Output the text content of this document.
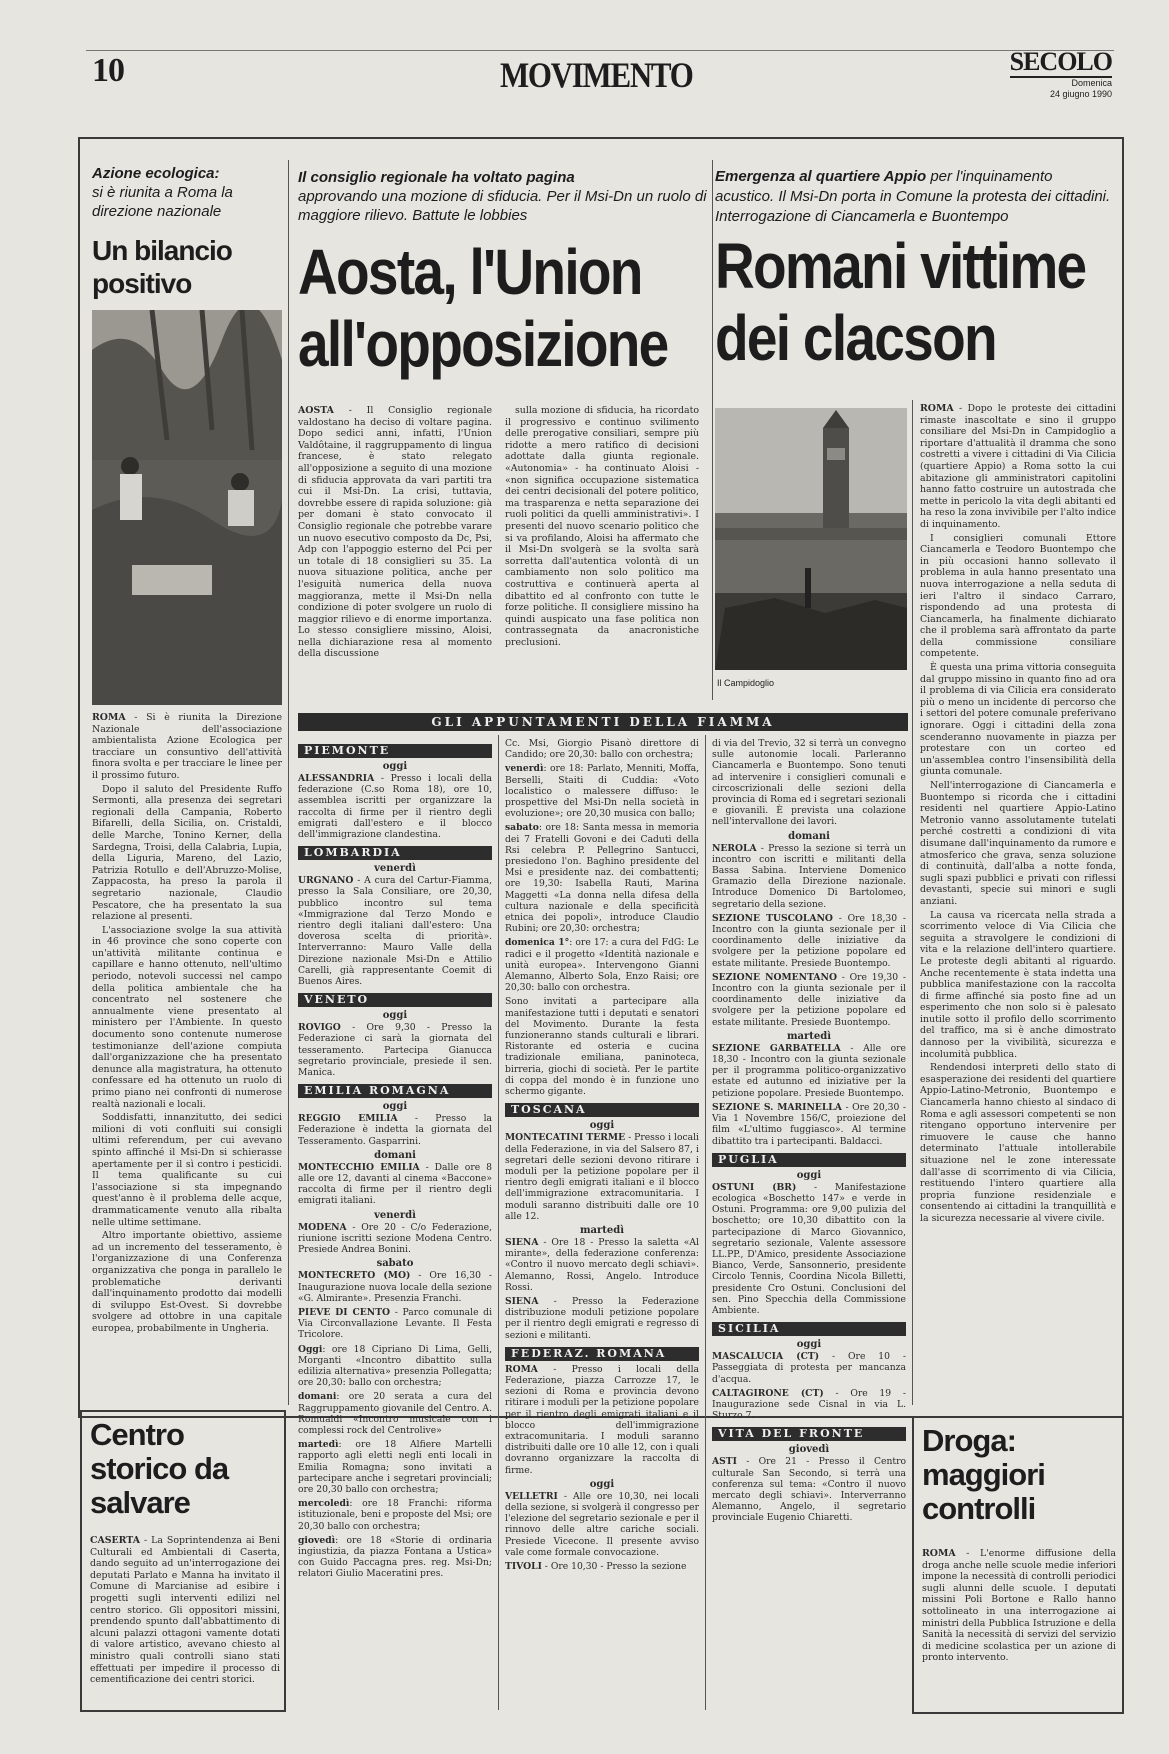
10	MOVIMENTO	SECOLO
Domenica
24 giugno 1990
Azione ecologica:
si è riunita a Roma la direzione nazionale
Un bilancio positivo

ROMA - Si è riunita la Direzione Nazionale dell'associazione ambientalista Azione Ecologica per tracciare un consuntivo dell'attività finora svolta e per tracciare le linee per il prossimo futuro.

Dopo il saluto del Presidente Ruffo Sermonti, alla presenza dei segretari regionali della Campania, Roberto Bifarelli, della Sicilia, on. Cristaldi, delle Marche, Tonino Kerner, della Sardegna, Troisi, della Calabria, Lupia, della Liguria, Mareno, del Lazio, Patrizia Rotullo e dell'Abruzzo-Molise, Zappacosta, ha preso la parola il segretario nazionale, Claudio Pescatore, che ha presentato la sua relazione al presenti.

L'associazione svolge la sua attività in 46 province che sono coperte con un'attività militante continua e capillare e hanno ottenuto, nell'ultimo periodo, notevoli successi nel campo della politica ambientale che ha concentrato nel sostenere che annualmente viene presentato al ministero per l'Ambiente. In questo documento sono contenute numerose testimonianze dell'azione compiuta dall'organizzazione che ha presentato denunce alla magistratura, ha ottenuto confessare ed ha ottenuto un ruolo di primo piano nei confronti di numerose realtà nazionali e locali.

Soddisfatti, innanzitutto, dei sedici milioni di voti confluiti sui consigli ultimi referendum, per cui avevano spinto affinché il Msi-Dn si schierasse apertamente per il sì contro i pesticidi. Il tema qualificante su cui l'associazione si sta impegnando quest'anno è il problema delle acque, drammaticamente venuto alla ribalta nelle ultime settimane.

Altro importante obiettivo, assieme ad un incremento del tesseramento, è l'organizzazione di una Conferenza organizzativa che ponga in parallelo le problematiche derivanti dall'inquinamento prodotto dai modelli di sviluppo Est-Ovest. Si dovrebbe svolgere ad ottobre in una capitale europea, probabilmente in Ungheria.

Il consiglio regionale ha voltato pagina
approvando una mozione di sfiducia. Per il Msi-Dn un ruolo di maggiore rilievo. Battute le lobbies
Aosta, l'Union
all'opposizione

AOSTA - Il Consiglio regionale valdostano ha deciso di voltare pagina. Dopo sedici anni, infatti, l'Union Valdôtaine, il raggruppamento di lingua francese, è stato relegato all'opposizione a seguito di una mozione di sfiducia approvata da vari partiti tra cui il Msi-Dn. La crisi, tuttavia, dovrebbe essere di rapida soluzione: già per domani è stato convocato il Consiglio regionale che potrebbe varare un nuovo esecutivo composto da Dc, Psi, Adp con l'appoggio esterno del Pci per un totale di 18 consiglieri su 35. La nuova situazione politica, anche per l'esiguità numerica della nuova maggioranza, mette il Msi-Dn nella condizione di poter svolgere un ruolo di maggior rilievo e di enorme importanza. Lo stesso consigliere missino, Aloisi, nella dichiarazione resa al momento della discussione

sulla mozione di sfiducia, ha ricordato il progressivo e continuo svilimento delle prerogative consiliari, sempre più ridotte a mero ratifico di decisioni adottate dalla giunta regionale. «Autonomia» - ha continuato Aloisi - «non significa occupazione sistematica dei centri decisionali del potere politico, ma trasparenza e netta separazione dei ruoli politici da quelli amministrativi». I presenti del nuovo scenario politico che si va profilando, Aloisi ha affermato che il Msi-Dn svolgerà se la svolta sarà sorretta dall'autentica volontà di un cambiamento non solo politico ma costruttiva e continuerà aperta al dibattito ed al confronto con tutte le forze politiche. Il consigliere missino ha quindi auspicato una fase politica non contrassegnata da anacronistiche preclusioni.

Emergenza al quartiere Appio per l'inquinamento acustico. Il Msi-Dn porta in Comune la protesta dei cittadini. Interrogazione di Ciancamerla e Buontempo
Romani vittime
dei clacson
Il Campidoglio

ROMA - Dopo le proteste dei cittadini rimaste inascoltate e sino il gruppo consiliare del Msi-Dn in Campidoglio a riportare d'attualità il dramma che sono costretti a vivere i cittadini di Via Cilicia (quartiere Appio) a Roma sotto la cui abitazione gli amministratori capitolini hanno fatto costruire un autostrada che mette in pericolo la vita degli abitanti ed ha reso la zona invivibile per l'alto indice di inquinamento.

I consiglieri comunali Ettore Ciancamerla e Teodoro Buontempo che in più occasioni hanno sollevato il problema in aula hanno presentato una nuova interrogazione a nella seduta di ieri l'altro il sindaco Carraro, rispondendo ad una protesta di Ciancamerla, ha finalmente dichiarato che il problema sarà affrontato da parte della commissione consiliare competente.

È questa una prima vittoria conseguita dal gruppo missino in quanto fino ad ora il problema di via Cilicia era considerato più o meno un incidente di percorso che i settori del potere comunale preferivano ignorare. Oggi i cittadini della zona scenderanno nuovamente in piazza per protestare con un corteo ed un'assemblea contro l'insensibilità della giunta comunale.

Nell'interrogazione di Ciancamerla e Buontempo si ricorda che i cittadini residenti nel quartiere Appio-Latino Metronio vanno assolutamente tutelati perché costretti a condizioni di vita disumane dall'inquinamento da rumore e atmosferico che grava, senza soluzione di continuità, dall'alba a notte fonda, sugli spazi pubblici e privati con riflessi devastanti, specie sui minori e sugli anziani.

La causa va ricercata nella strada a scorrimento veloce di Via Cilicia che seguita a stravolgere le condizioni di vita e la relazione dell'intero quartiere. Le proteste degli abitanti al riguardo. Anche recentemente è stata indetta una pubblica manifestazione con la raccolta di firme affinché sia posto fine ad un esperimento che non solo si è palesato inutile sotto il profilo dello scorrimento del traffico, ma si è anche dimostrato dannoso per la vivibilità, sicurezza e incolumità pubblica.

Rendendosi interpreti dello stato di esasperazione dei residenti del quartiere Appio-Latino-Metronio, Buontempo e Ciancamerla hanno chiesto al sindaco di Roma e agli assessori competenti se non ritengano opportuno intervenire per rimuovere le cause che hanno determinato l'attuale intollerabile situazione nel le zone interessate dall'asse di scorrimento di via Cilicia, restituendo l'intero quartiere alla propria funzione residenziale e consentendo ai cittadini la tranquillità e la sicurezza necessarie al vivere civile.

GLI APPUNTAMENTI DELLA FIAMMA
PIEMONTE
oggi

ALESSANDRIA - Presso i locali della federazione (C.so Roma 18), ore 10, assemblea iscritti per organizzare la raccolta di firme per il rientro degli emigrati dall'estero e il blocco dell'immigrazione clandestina.

LOMBARDIA
venerdì

URGNANO - A cura del Cartur-Fiamma, presso la Sala Consiliare, ore 20,30, pubblico incontro sul tema «Immigrazione dal Terzo Mondo e rientro degli italiani dall'estero: Una doverosa scelta di priorità». Interverranno: Mauro Valle della Direzione nazionale Msi-Dn e Attilio Carelli, già rappresentante Coemit di Buenos Aires.

VENETO
oggi

ROVIGO - Ore 9,30 - Presso la Federazione ci sarà la giornata del tesseramento. Partecipa Gianucca segretario provinciale, presiede il sen. Manica.

EMILIA ROMAGNA
oggi

REGGIO EMILIA - Presso la Federazione è indetta la giornata del Tesseramento. Gasparrini.

domani

MONTECCHIO EMILIA - Dalle ore 8 alle ore 12, davanti al cinema «Baccone» raccolta di firme per il rientro degli emigrati italiani.

venerdì

MODENA - Ore 20 - C/o Federazione, riunione iscritti sezione Modena Centro. Presiede Andrea Bonini.

sabato

MONTECRETO (MO) - Ore 16,30 - Inaugurazione nuova locale della sezione «G. Almirante». Presenzia Franchi.

PIEVE DI CENTO - Parco comunale di Via Circonvallazione Levante. Il Festa Tricolore.

Oggi: ore 18 Cipriano Di Lima, Gelli, Morganti «Incontro dibattito sulla edilizia alternativa» presenzia Pollegatta; ore 20,30: ballo con orchestra;

domani: ore 20 serata a cura del Raggruppamento giovanile del Centro. A. Romualdi «Incontro musicale con i complessi rock del Centrolive»

martedì: ore 18 Alfiere Martelli rapporto agli eletti negli enti locali in Emilia Romagna; sono invitati a partecipare anche i segretari provinciali; ore 20,30 ballo con orchestra;

mercoledì: ore 18 Franchi: riforma istituzionale, beni e proposte del Msi; ore 20,30 ballo con orchestra;

giovedì: ore 18 «Storie di ordinaria ingiustizia, da piazza Fontana a Ustica» con Guido Paccagna pres. reg. Msi-Dn; relatori Giulio Maceratini pres.

Cc. Msi, Giorgio Pisanò direttore di Candido; ore 20,30: ballo con orchestra;

venerdì: ore 18: Parlato, Menniti, Moffa, Berselli, Staiti di Cuddia: «Voto localistico o malessere diffuso: le prospettive del Msi-Dn nella società in evoluzione»; ore 20,30 musica con ballo;

sabato: ore 18: Santa messa in memoria dei 7 Fratelli Govoni e dei Caduti della Rsi celebra P. Pellegrino Santucci, presiedono l'on. Baghino presidente del Msi e presidente naz. dei combattenti; ore 19,30: Isabella Rauti, Marina Maggetti «La donna nella difesa della cultura nazionale e della specificità etnica dei popoli», introduce Claudio Rubini; ore 20,30: orchestra;

domenica 1°: ore 17: a cura del FdG: Le radici e il progetto «Identità nazionale e unità europea». Intervengono Gianni Alemanno, Alberto Sola, Enzo Raisi; ore 20,30: ballo con orchestra.

Sono invitati a partecipare alla manifestazione tutti i deputati e senatori del Movimento. Durante la festa funzioneranno stands culturali e librari. Ristorante ed osteria e cucina tradizionale emiliana, paninoteca, birreria, giochi di società. Per le partite di coppa del mondo è in funzione uno schermo gigante.

TOSCANA
oggi

MONTECATINI TERME - Presso i locali della Federazione, in via del Salsero 87, i segretari delle sezioni devono ritirare i moduli per la petizione popolare per il rientro degli emigrati italiani e il blocco dell'immigrazione extracomunitaria. I moduli saranno distribuiti dalle ore 10 alle 12.

martedì

SIENA - Ore 18 - Presso la saletta «Al mirante», della federazione conferenza: «Contro il nuovo mercato degli schiavi». Alemanno, Rossi, Angelo. Introduce Rossi.

SIENA - Presso la Federazione distribuzione moduli petizione popolare per il rientro degli emigrati e regresso di sezioni e militanti.

FEDERAZ. ROMANA

ROMA - Presso i locali della Federazione, piazza Carrozze 17, le sezioni di Roma e provincia devono ritirare i moduli per la petizione popolare per il rientro degli emigrati italiani e il blocco dell'immigrazione extracomunitaria. I moduli saranno distribuiti dalle ore 10 alle 12, con i quali dovranno organizzare la raccolta di firme.

oggi

VELLETRI - Alle ore 10,30, nei locali della sezione, si svolgerà il congresso per l'elezione del segretario sezionale e per il rinnovo delle altre cariche sociali. Presiede Vicecone. Il presente avviso vale come formale convocazione.

TIVOLI - Ore 10,30 - Presso la sezione

di via del Trevio, 32 si terrà un convegno sulle autonomie locali. Parleranno Ciancamerla e Buontempo. Sono tenuti ad intervenire i consiglieri comunali e circoscrizionali delle sezioni della provincia di Roma ed i segretari sezionali e giovanili. È prevista una colazione nell'intervallone dei lavori.

domani

NEROLA - Presso la sezione si terrà un incontro con iscritti e militanti della Bassa Sabina. Interviene Domenico Gramazio della Direzione nazionale. Introduce Domenico Di Bartolomeo, segretario della sezione.

SEZIONE TUSCOLANO - Ore 18,30 - Incontro con la giunta sezionale per il coordinamento delle iniziative da svolgere per la petizione popolare ed estate militante. Presiede Buontempo.

SEZIONE NOMENTANO - Ore 19,30 - Incontro con la giunta sezionale per il coordinamento delle iniziative da svolgere per la petizione popolare ed estate militante. Presiede Buontempo.

martedì

SEZIONE GARBATELLA - Alle ore 18,30 - Incontro con la giunta sezionale per il programma politico-organizzativo estate ed autunno ed iniziative per la petizione popolare. Presiede Buontempo.

SEZIONE S. MARINELLA - Ore 20,30 - Via 1 Novembre 156/C, proiezione del film «L'ultimo fuggiasco». Al termine dibattito tra i partecipanti. Baldacci.

PUGLIA
oggi

OSTUNI (BR) - Manifestazione ecologica «Boschetto 147» e verde in Ostuni. Programma: ore 9,00 pulizia del boschetto; ore 10,30 dibattito con la partecipazione di Marco Giovannico, segretario sezionale, Valente assessore LL.PP., D'Amico, presidente Associazione Bianco, Verde, Sansonnerio, presidente Circolo Tennis, Coordina Nicola Billetti, presidente Cro Ostuni. Conclusioni del sen. Pino Specchia della Commissione Ambiente.

SICILIA
oggi

MASCALUCIA (CT) - Ore 10 - Passeggiata di protesta per mancanza d'acqua.

CALTAGIRONE (CT) - Ore 19 - Inaugurazione sede Cisnal in via L. Sturzo 7.

VITA DEL FRONTE
giovedì

ASTI - Ore 21 - Presso il Centro culturale San Secondo, si terrà una conferenza sul tema: «Contro il nuovo mercato degli schiavi». Interverranno Alemanno, Angelo, il segretario provinciale Eugenio Chiaretti.

Centro storico da salvare

CASERTA - La Soprintendenza ai Beni Culturali ed Ambientali di Caserta, dando seguito ad un'interrogazione dei deputati Parlato e Manna ha invitato il Comune di Marcianise ad esibire i progetti sugli interventi edilizi nel centro storico. Gli oppositori missini, prendendo spunto dall'abbattimento di alcuni palazzi ottagoni vamente dotati di valore artistico, avevano chiesto al ministro quali controlli siano stati effettuati per impedire il processo di cementificazione dei centri storici.

Droga: maggiori controlli

ROMA - L'enorme diffusione della droga anche nelle scuole medie inferiori impone la necessità di controlli periodici sugli alunni delle scuole. I deputati missini Poli Bortone e Rallo hanno sottolineato in una interrogazione ai ministri della Pubblica Istruzione e della Sanità la necessità di servizi del servizio di medicine scolastica per un azione di pronto intervento.
